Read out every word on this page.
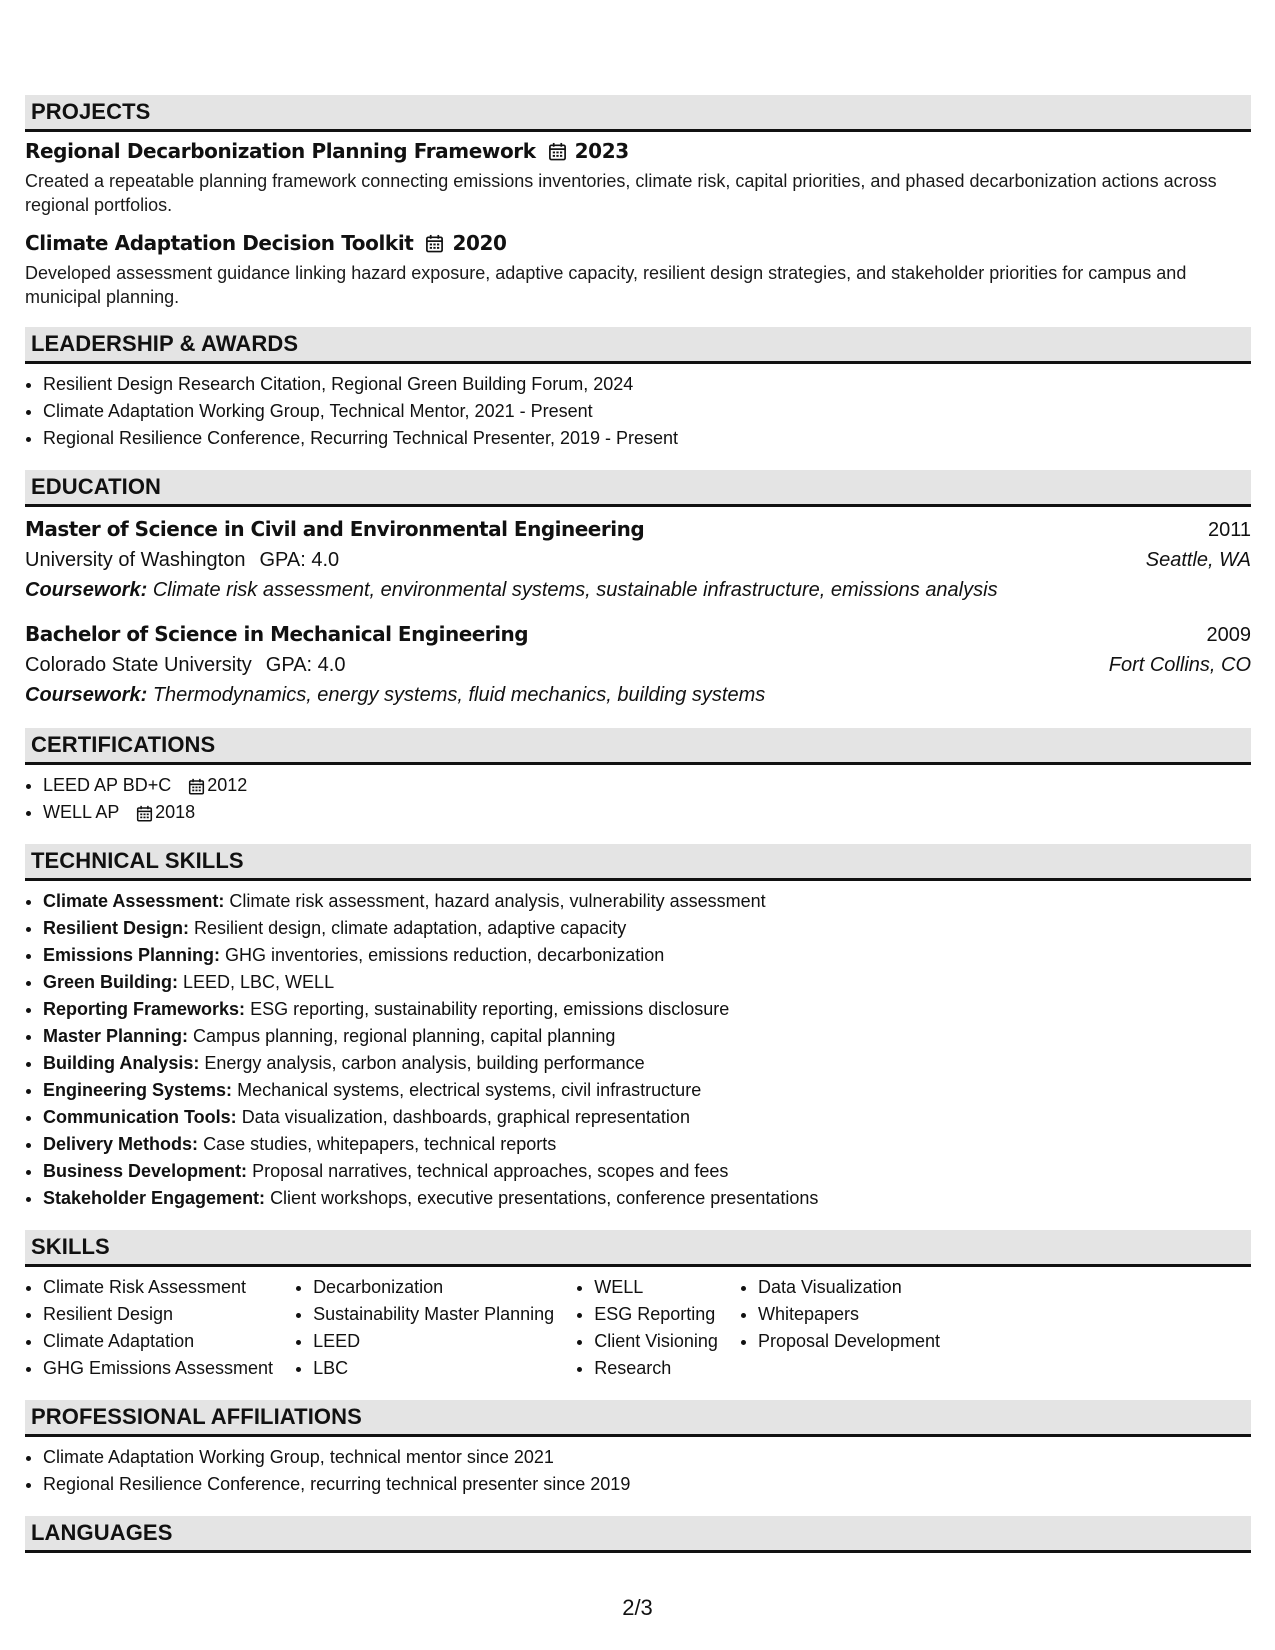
PROJECTS
Regional Decarbonization Planning Framework 2023
Created a repeatable planning framework connecting emissions inventories, climate risk, capital priorities, and phased decarbonization actions across regional portfolios.
Climate Adaptation Decision Toolkit 2020
Developed assessment guidance linking hazard exposure, adaptive capacity, resilient design strategies, and stakeholder priorities for campus and municipal planning.
LEADERSHIP & AWARDS
• Resilient Design Research Citation, Regional Green Building Forum, 2024
• Climate Adaptation Working Group, Technical Mentor, 2021 - Present
• Regional Resilience Conference, Recurring Technical Presenter, 2019 - Present
EDUCATION
Master of Science in Civil and Environmental Engineering	2011
University of Washington GPA: 4.0	Seattle, WA
Coursework: Climate risk assessment, environmental systems, sustainable infrastructure, emissions analysis
Bachelor of Science in Mechanical Engineering	2009
Colorado State University GPA: 4.0	Fort Collins, CO
Coursework: Thermodynamics, energy systems, fluid mechanics, building systems
CERTIFICATIONS
• LEED AP BD+C 2012
• WELL AP 2018
TECHNICAL SKILLS
• Climate Assessment: Climate risk assessment, hazard analysis, vulnerability assessment
• Resilient Design: Resilient design, climate adaptation, adaptive capacity
• Emissions Planning: GHG inventories, emissions reduction, decarbonization
• Green Building: LEED, LBC, WELL
• Reporting Frameworks: ESG reporting, sustainability reporting, emissions disclosure
• Master Planning: Campus planning, regional planning, capital planning
• Building Analysis: Energy analysis, carbon analysis, building performance
• Engineering Systems: Mechanical systems, electrical systems, civil infrastructure
• Communication Tools: Data visualization, dashboards, graphical representation
• Delivery Methods: Case studies, whitepapers, technical reports
• Business Development: Proposal narratives, technical approaches, scopes and fees
• Stakeholder Engagement: Client workshops, executive presentations, conference presentations
SKILLS
• Climate Risk Assessment
• Resilient Design
• Climate Adaptation
• GHG Emissions Assessment
• Decarbonization
• Sustainability Master Planning
• LEED
• LBC
• WELL
• ESG Reporting
• Client Visioning
• Research
• Data Visualization
• Whitepapers
• Proposal Development
PROFESSIONAL AFFILIATIONS
• Climate Adaptation Working Group, technical mentor since 2021
• Regional Resilience Conference, recurring technical presenter since 2019
LANGUAGES
2/3
